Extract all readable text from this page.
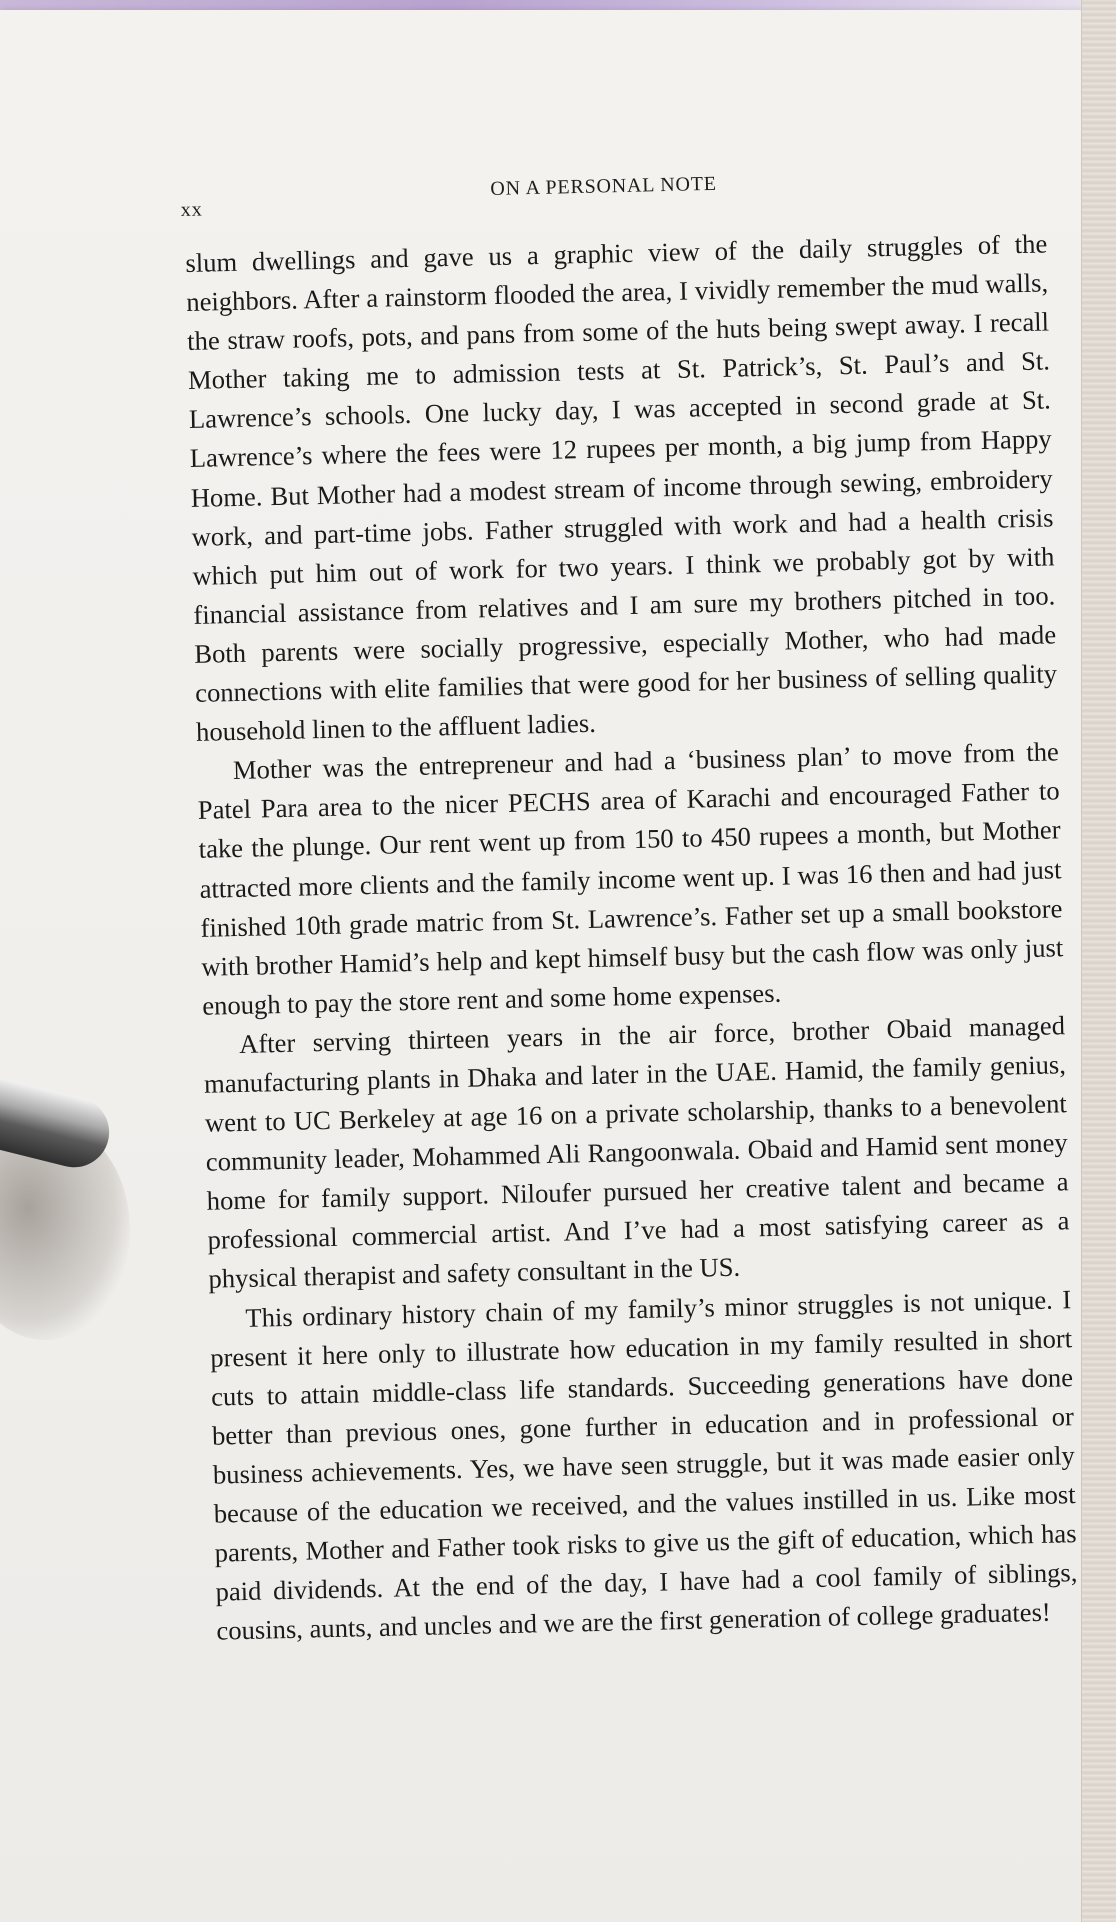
xx
ON A PERSONAL NOTE

slum dwellings and gave us a graphic view of the daily struggles of the neighbors. After a rainstorm flooded the area, I vividly remember the mud walls, the straw roofs, pots, and pans from some of the huts being swept away. I recall Mother taking me to admission tests at St. Patrick’s, St. Paul’s and St. Lawrence’s schools. One lucky day, I was accepted in second grade at St. Lawrence’s where the fees were 12 rupees per month, a big jump from Happy Home. But Mother had a modest stream of income through sewing, embroidery work, and part-time jobs. Father struggled with work and had a health crisis which put him out of work for two years. I think we probably got by with financial assistance from relatives and I am sure my brothers pitched in too. Both parents were socially progressive, especially Mother, who had made connections with elite families that were good for her business of selling quality household linen to the affluent ladies.

Mother was the entrepreneur and had a ‘business plan’ to move from the Patel Para area to the nicer PECHS area of Karachi and encouraged Father to take the plunge. Our rent went up from 150 to 450 rupees a month, but Mother attracted more clients and the family income went up. I was 16 then and had just finished 10th grade matric from St. Lawrence’s. Father set up a small bookstore with brother Hamid’s help and kept himself busy but the cash flow was only just enough to pay the store rent and some home expenses.

After serving thirteen years in the air force, brother Obaid managed manufacturing plants in Dhaka and later in the UAE. Hamid, the family genius, went to UC Berkeley at age 16 on a private scholarship, thanks to a benevolent community leader, Mohammed Ali Rangoonwala. Obaid and Hamid sent money home for family support. Niloufer pursued her creative talent and became a professional commercial artist. And I’ve had a most satisfying career as a physical therapist and safety consultant in the US.

This ordinary history chain of my family’s minor struggles is not unique. I present it here only to illustrate how education in my family resulted in short cuts to attain middle-class life standards. Succeeding generations have done better than previous ones, gone further in education and in professional or business achievements. Yes, we have seen struggle, but it was made easier only because of the education we received, and the values instilled in us. Like most parents, Mother and Father took risks to give us the gift of education, which has paid dividends. At the end of the day, I have had a cool family of siblings, cousins, aunts, and uncles and we are the first generation of college graduates!
